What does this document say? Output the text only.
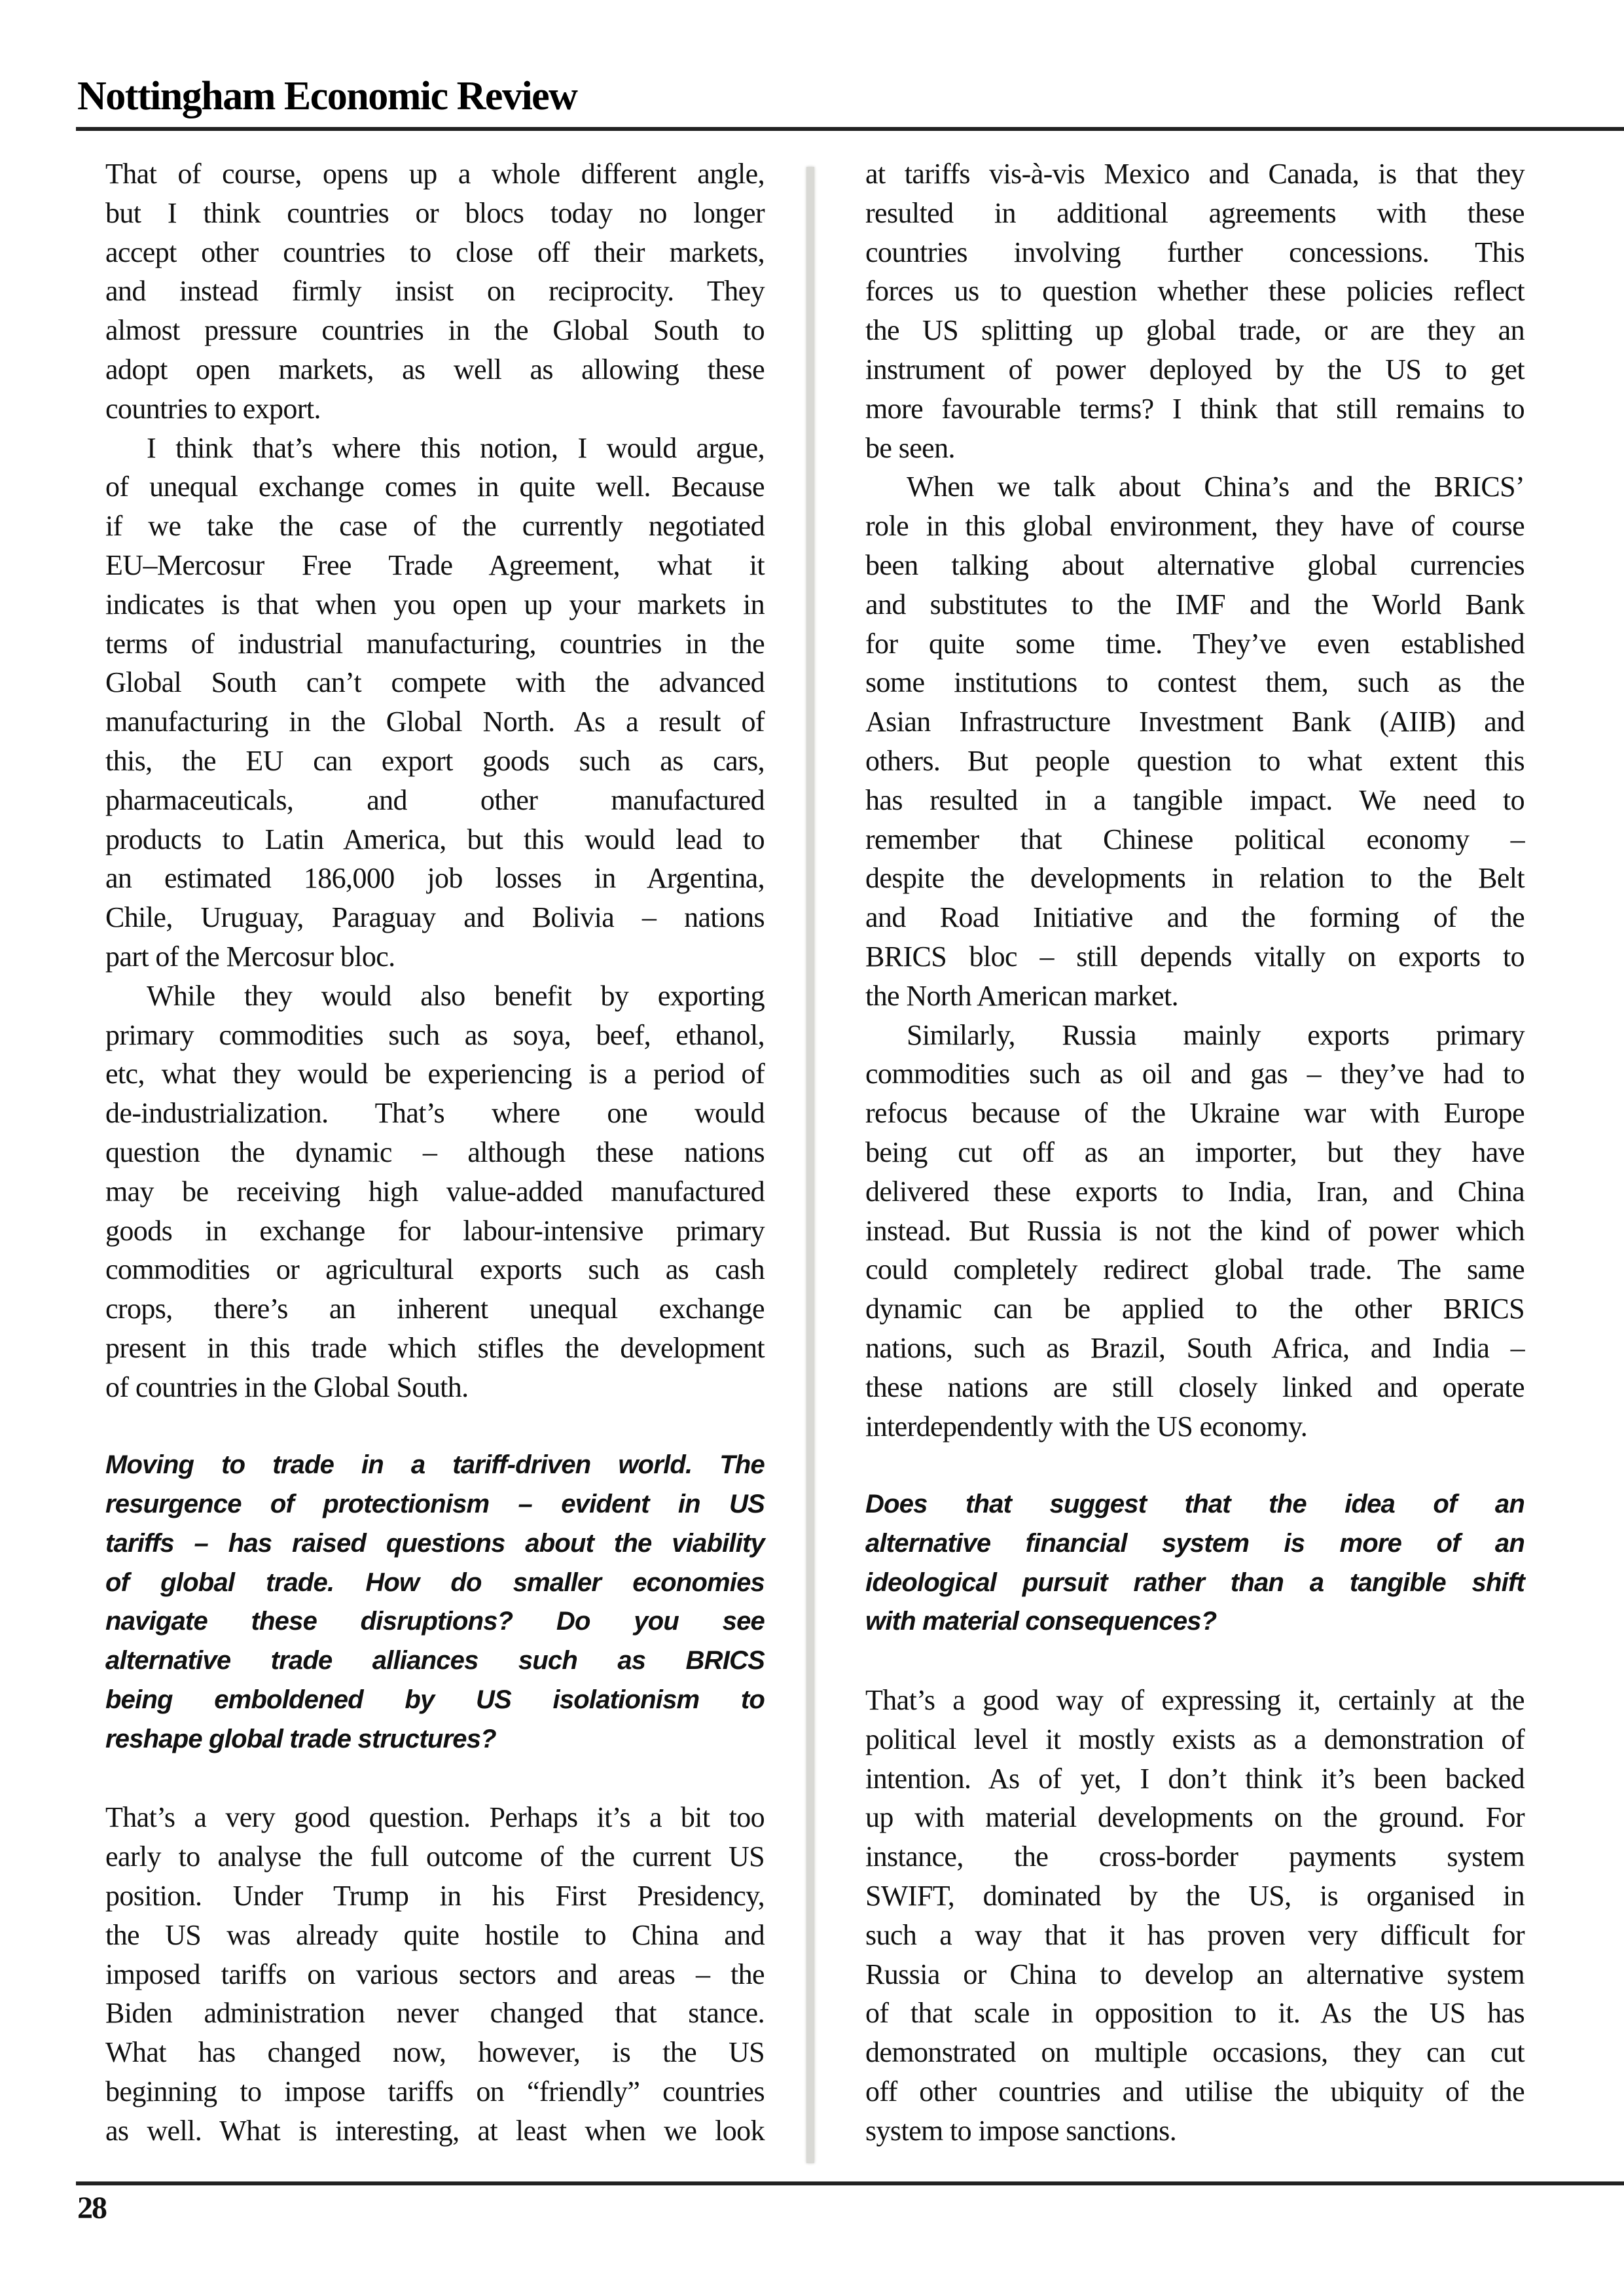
Nottingham Economic Review
That of course, opens up a whole different angle,
but I think countries or blocs today no longer
accept other countries to close off their markets,
and instead firmly insist on reciprocity. They
almost pressure countries in the Global South to
adopt open markets, as well as allowing these
countries to export.
I think that’s where this notion, I would argue,
of unequal exchange comes in quite well. Because
if we take the case of the currently negotiated
EU–Mercosur Free Trade Agreement, what it
indicates is that when you open up your markets in
terms of industrial manufacturing, countries in the
Global South can’t compete with the advanced
manufacturing in the Global North. As a result of
this, the EU can export goods such as cars,
pharmaceuticals, and other manufactured
products to Latin America, but this would lead to
an estimated 186,000 job losses in Argentina,
Chile, Uruguay, Paraguay and Bolivia – nations
part of the Mercosur bloc.
While they would also benefit by exporting
primary commodities such as soya, beef, ethanol,
etc, what they would be experiencing is a period of
de-industrialization. That’s where one would
question the dynamic – although these nations
may be receiving high value-added manufactured
goods in exchange for labour-intensive primary
commodities or agricultural exports such as cash
crops, there’s an inherent unequal exchange
present in this trade which stifles the development
of countries in the Global South.
Moving to trade in a tariff-driven world. The
resurgence of protectionism – evident in US
tariffs – has raised questions about the viability
of global trade. How do smaller economies
navigate these disruptions? Do you see
alternative trade alliances such as BRICS
being emboldened by US isolationism to
reshape global trade structures?
That’s a very good question. Perhaps it’s a bit too
early to analyse the full outcome of the current US
position. Under Trump in his First Presidency,
the US was already quite hostile to China and
imposed tariffs on various sectors and areas – the
Biden administration never changed that stance.
What has changed now, however, is the US
beginning to impose tariffs on “friendly” countries
as well. What is interesting, at least when we look
at tariffs vis-à-vis Mexico and Canada, is that they
resulted in additional agreements with these
countries involving further concessions. This
forces us to question whether these policies reflect
the US splitting up global trade, or are they an
instrument of power deployed by the US to get
more favourable terms? I think that still remains to
be seen.
When we talk about China’s and the BRICS’
role in this global environment, they have of course
been talking about alternative global currencies
and substitutes to the IMF and the World Bank
for quite some time. They’ve even established
some institutions to contest them, such as the
Asian Infrastructure Investment Bank (AIIB) and
others. But people question to what extent this
has resulted in a tangible impact. We need to
remember that Chinese political economy –
despite the developments in relation to the Belt
and Road Initiative and the forming of the
BRICS bloc – still depends vitally on exports to
the North American market.
Similarly, Russia mainly exports primary
commodities such as oil and gas – they’ve had to
refocus because of the Ukraine war with Europe
being cut off as an importer, but they have
delivered these exports to India, Iran, and China
instead. But Russia is not the kind of power which
could completely redirect global trade. The same
dynamic can be applied to the other BRICS
nations, such as Brazil, South Africa, and India –
these nations are still closely linked and operate
interdependently with the US economy.
Does that suggest that the idea of an
alternative financial system is more of an
ideological pursuit rather than a tangible shift
with material consequences?
That’s a good way of expressing it, certainly at the
political level it mostly exists as a demonstration of
intention. As of yet, I don’t think it’s been backed
up with material developments on the ground. For
instance, the cross-border payments system
SWIFT, dominated by the US, is organised in
such a way that it has proven very difficult for
Russia or China to develop an alternative system
of that scale in opposition to it. As the US has
demonstrated on multiple occasions, they can cut
off other countries and utilise the ubiquity of the
system to impose sanctions.
28
